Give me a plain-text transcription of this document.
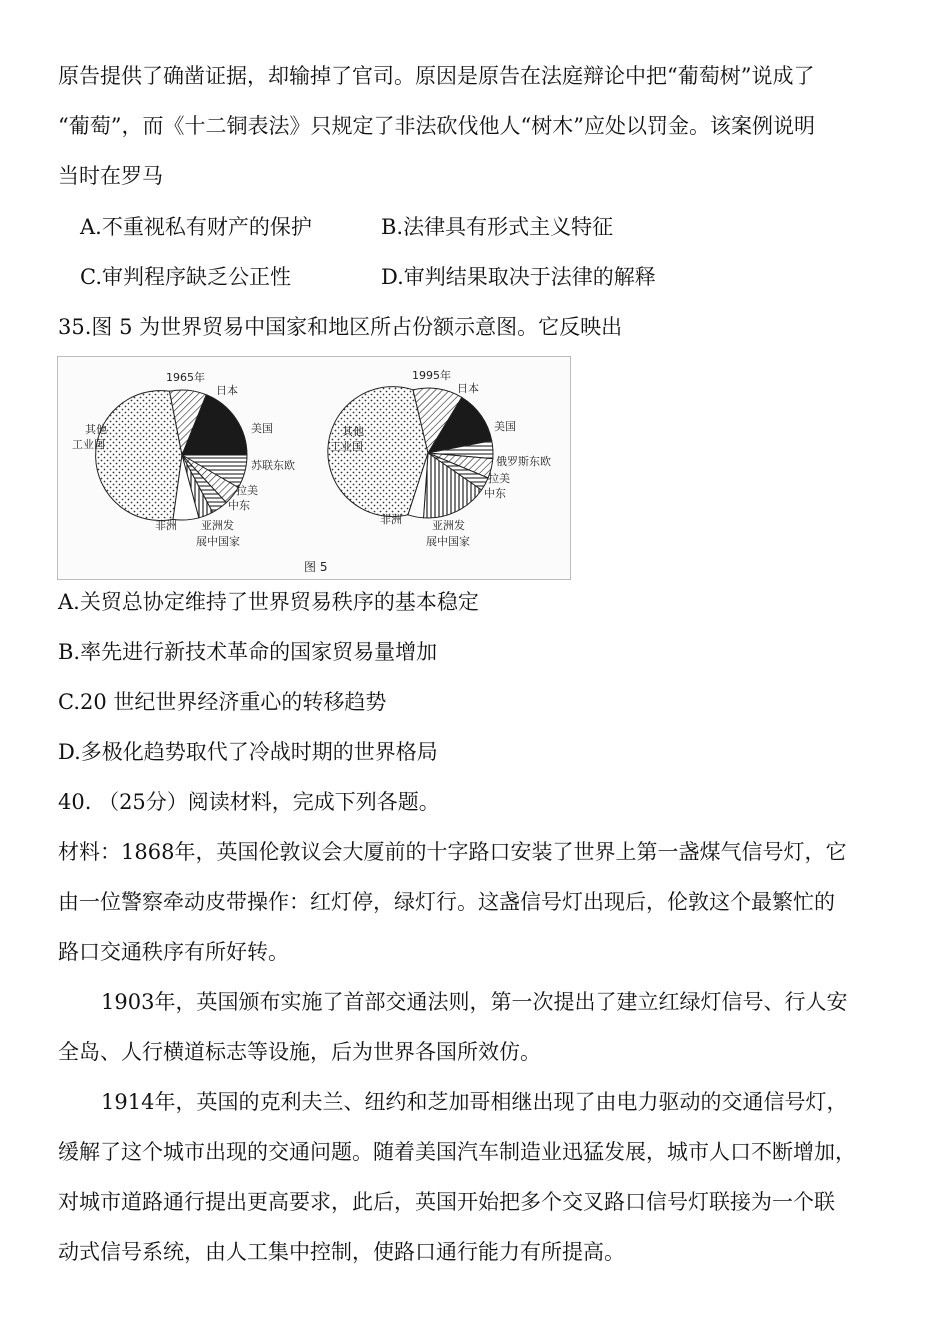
原告提供了确凿证据，却输掉了官司。原因是原告在法庭辩论中把“葡萄树”说成了
“葡萄”，而《十二铜表法》只规定了非法砍伐他人“树木”应处以罚金。该案例说明
当时在罗马
A.不重视私有财产的保护	B.法律具有形式主义特征
C.审判程序缺乏公正性	D.审判结果取决于法律的解释
35.图 5 为世界贸易中国家和地区所占份额示意图。它反映出
1965年
日本
美国
苏联东欧
拉美
中东
亚洲发
展中国家
非洲
其他
工业国
1995年
日本
美国
俄罗斯东欧
拉美
中东
亚洲发
展中国家
非洲
其他
工业国
图 5
A.关贸总协定维持了世界贸易秩序的基本稳定
B.率先进行新技术革命的国家贸易量增加
C.20 世纪世界经济重心的转移趋势
D.多极化趋势取代了冷战时期的世界格局
40. （25分）阅读材料，完成下列各题。
材料：1868年，英国伦敦议会大厦前的十字路口安装了世界上第一盏煤气信号灯，它
由一位警察牵动皮带操作：红灯停，绿灯行。这盏信号灯出现后，伦敦这个最繁忙的
路口交通秩序有所好转。
1903年，英国颁布实施了首部交通法则，第一次提出了建立红绿灯信号、行人安
全岛、人行横道标志等设施，后为世界各国所效仿。
1914年，英国的克利夫兰、纽约和芝加哥相继出现了由电力驱动的交通信号灯，
缓解了这个城市出现的交通问题。随着美国汽车制造业迅猛发展，城市人口不断增加，
对城市道路通行提出更高要求，此后，英国开始把多个交叉路口信号灯联接为一个联
动式信号系统，由人工集中控制，使路口通行能力有所提高。
